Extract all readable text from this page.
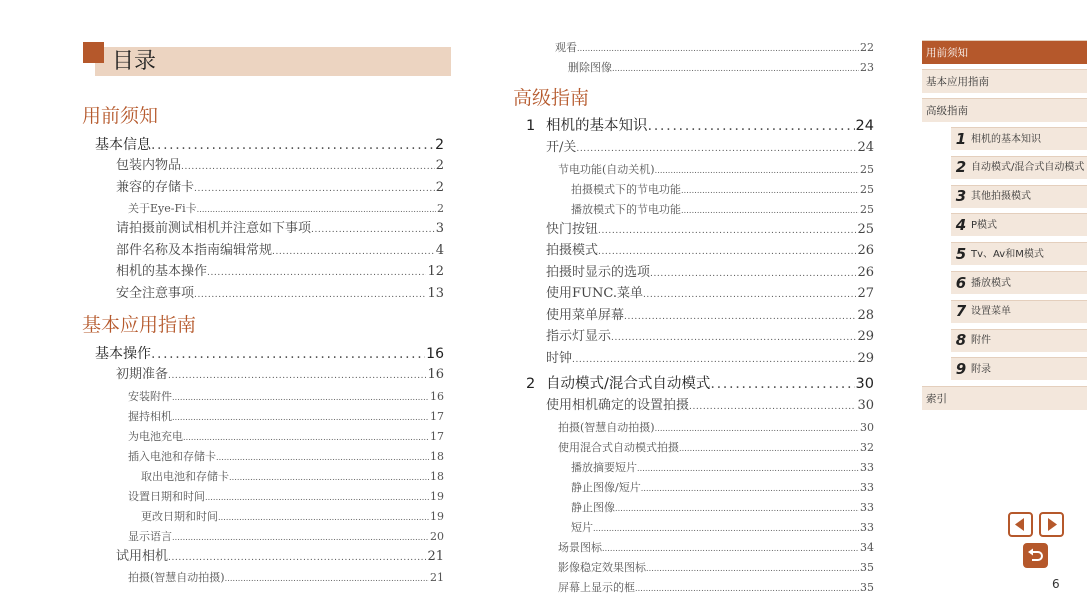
目录
用前须知
基本信息 .....	2
包装内物品 .....	2
兼容的存储卡 .....	2
关于Eye-Fi卡 .....	2
请拍摄前测试相机并注意如下事项 .....	3
部件名称及本指南编辑常规 .....	4
相机的基本操作 .....	12
安全注意事项 .....	13
基本应用指南
基本操作 .....	16
初期准备 .....	16
安装附件 .....	16
握持相机 .....	17
为电池充电 .....	17
插入电池和存储卡 .....	18
取出电池和存储卡 .....	18
设置日期和时间 .....	19
更改日期和时间 .....	19
显示语言 .....	20
试用相机 .....	21
拍摄(智慧自动拍摄) .....	21
观看 .....	22
删除图像 .....	23
高级指南
1 相机的基本知识 .....	24
开/关 .....	24
节电功能(自动关机) .....	25
拍摄模式下的节电功能 .....	25
播放模式下的节电功能 .....	25
快门按钮 .....	25
拍摄模式 .....	26
拍摄时显示的选项 .....	26
使用FUNC.菜单 .....	27
使用菜单屏幕 .....	28
指示灯显示 .....	29
时钟 .....	29
2 自动模式/混合式自动模式 .....	30
使用相机确定的设置拍摄 .....	30
拍摄(智慧自动拍摄) .....	30
使用混合式自动模式拍摄 .....	32
播放摘要短片 .....	33
静止图像/短片 .....	33
静止图像 .....	33
短片 .....	33
场景图标 .....	34
影像稳定效果图标 .....	35
屏幕上显示的框 .....	35
用前须知
基本应用指南
高级指南
1 相机的基本知识
2 自动模式/混合式自动模式
3 其他拍摄模式
4 P模式
5 Tv、Av和M模式
6 播放模式
7 设置菜单
8 附件
9 附录
索引
6
